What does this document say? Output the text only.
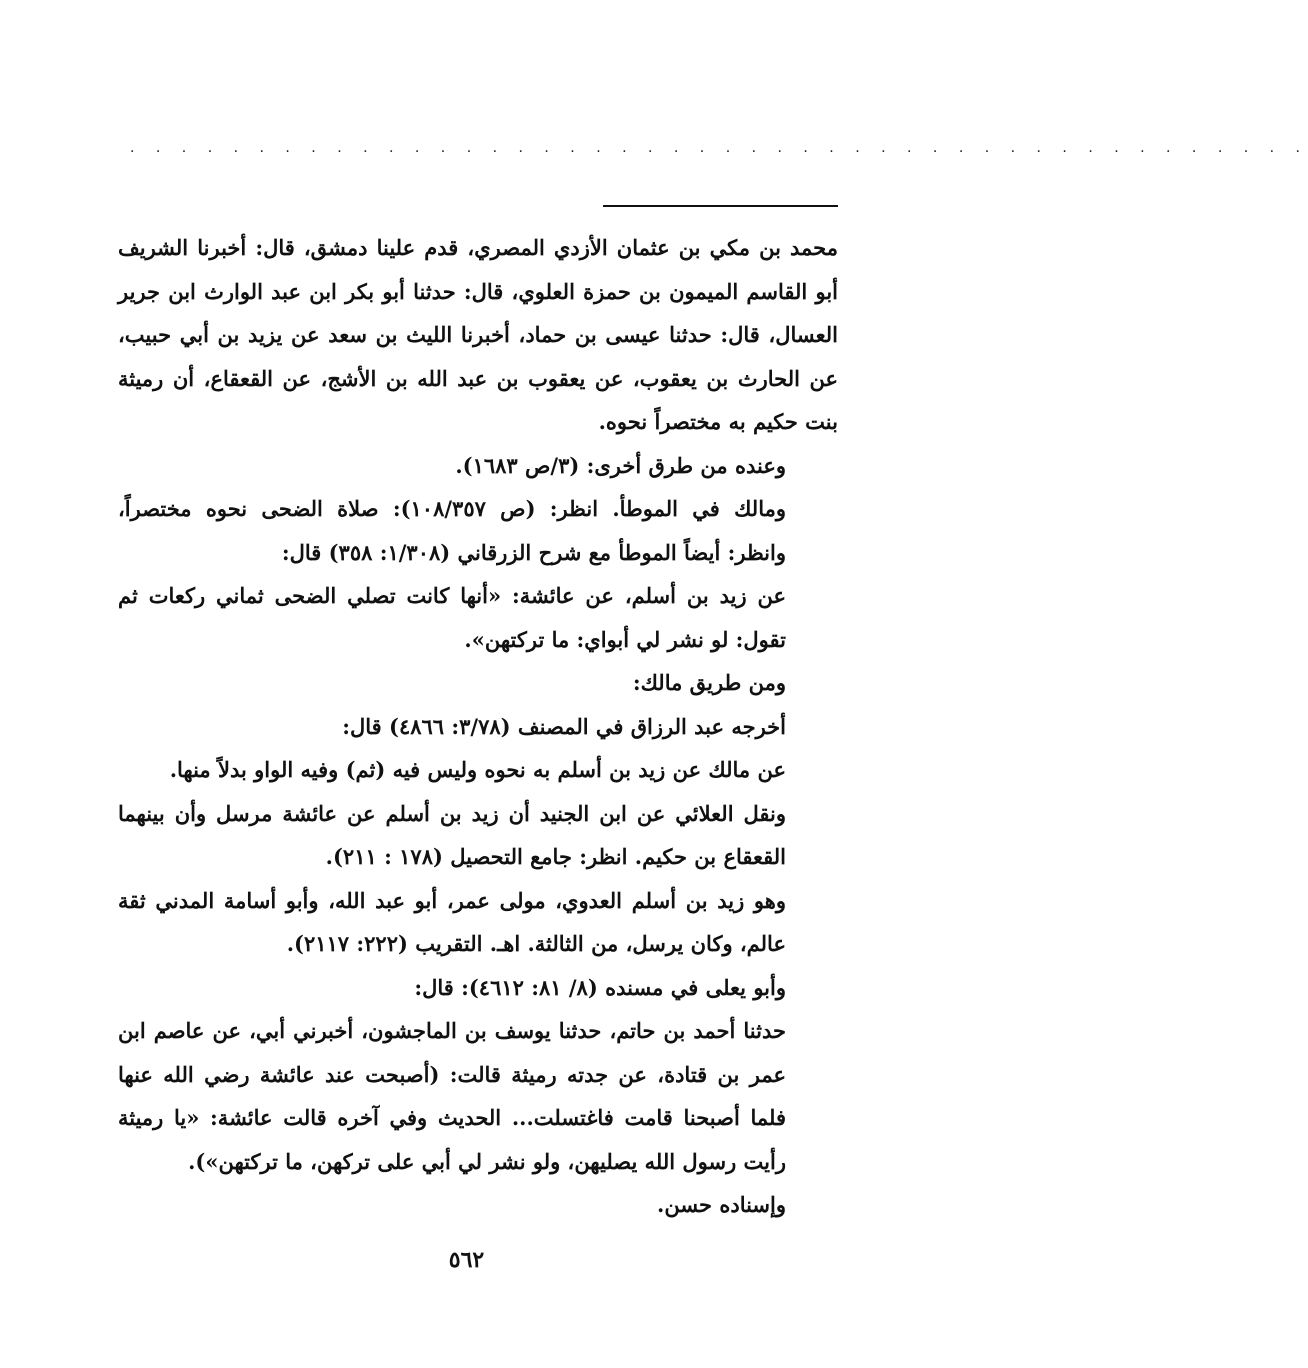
. . . . . . . . . . . . . . . . . . . . . . . . . . . . . . . . . . . . . . . . . . . . . .

محمد بن مكي بن عثمان الأزدي المصري، قدم علينا دمشق، قال: أخبرنا الشريف أبو القاسم الميمون بن حمزة العلوي، قال: حدثنا أبو بكر ابن عبد الوارث ابن جرير العسال، قال: حدثنا عيسى بن حماد، أخبرنا الليث بن سعد عن يزيد بن أبي حبيب، عن الحارث بن يعقوب، عن يعقوب بن عبد الله بن الأشج، عن القعقاع، أن رميثة بنت حكيم به مختصراً نحوه.

وعنده من طرق أخرى: (٣/ص ١٦٨٣).

ومالك في الموطأ. انظر: (ص ١٠٨/٣٥٧): صلاة الضحى نحوه مختصراً، وانظر: أيضاً الموطأ مع شرح الزرقاني (١/٣٠٨: ٣٥٨) قال:

عن زيد بن أسلم، عن عائشة: «أنها كانت تصلي الضحى ثماني ركعات ثم تقول: لو نشر لي أبواي: ما تركتهن».

ومن طريق مالك:

أخرجه عبد الرزاق في المصنف (٣/٧٨: ٤٨٦٦) قال:

عن مالك عن زيد بن أسلم به نحوه وليس فيه (ثم) وفيه الواو بدلاً منها.

ونقل العلائي عن ابن الجنيد أن زيد بن أسلم عن عائشة مرسل وأن بينهما القعقاع بن حكيم. انظر: جامع التحصيل (١٧٨ : ٢١١).

وهو زيد بن أسلم العدوي، مولى عمر، أبو عبد الله، وأبو أسامة المدني ثقة عالم، وكان يرسل، من الثالثة. اهـ. التقريب (٢٢٢: ٢١١٧).

وأبو يعلى في مسنده (٨/ ٨١: ٤٦١٢): قال:

حدثنا أحمد بن حاتم، حدثنا يوسف بن الماجشون، أخبرني أبي، عن عاصم ابن عمر بن قتادة، عن جدته رميثة قالت: (أصبحت عند عائشة رضي الله عنها فلما أصبحنا قامت فاغتسلت... الحديث وفي آخره قالت عائشة: «يا رميثة رأيت رسول الله يصليهن، ولو نشر لي أبي على تركهن، ما تركتهن»).

وإسناده حسن.

٥٦٢
